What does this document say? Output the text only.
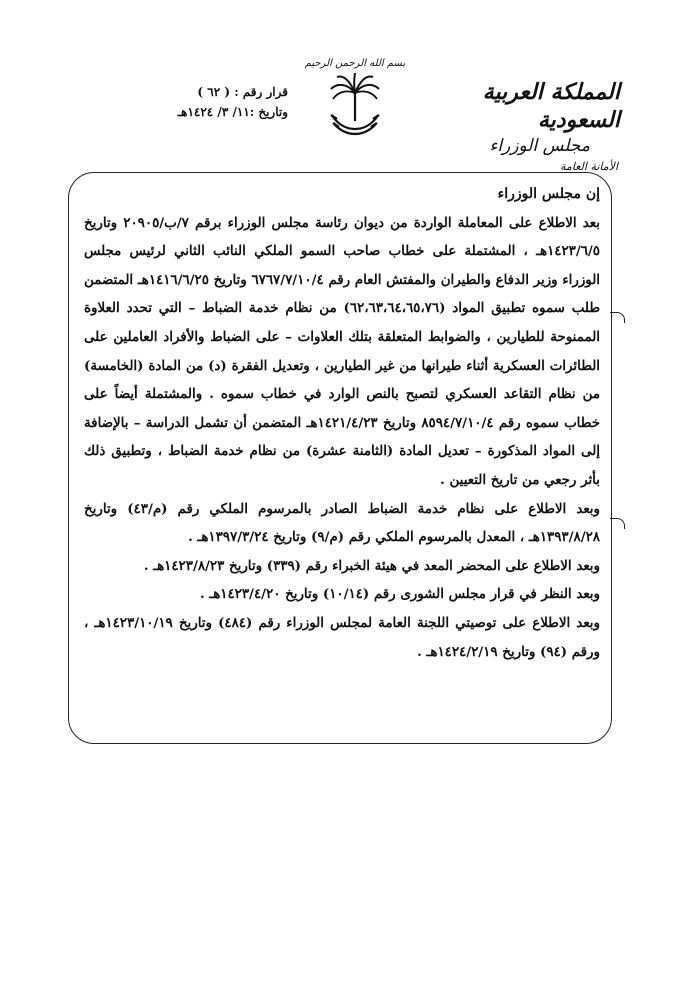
قرار رقم : ( ٦٢ )
وتاريخ :١١/ ٣/ ١٤٢٤هـ
بسم الله الرحمن الرحيم
المملكة العربية السعودية
مجلس الوزراء
الأمانة العامة

إن مجلس الوزراء

بعد الاطلاع على المعاملة الواردة من ديوان رئاسة مجلس الوزراء برقم ٧/ب/٢٠٩٠٥ وتاريخ ١٤٢٣/٦/٥هـ ، المشتملة على خطاب صاحب السمو الملكي النائب الثاني لرئيس مجلس الوزراء وزير الدفاع والطيران والمفتش العام رقم ٦٧٦٧/٧/١٠/٤ وتاريخ ١٤١٦/٦/٢٥هـ المتضمن طلب سموه تطبيق المواد (٦٢،٦٣،٦٤،٦٥،٧٦) من نظام خدمة الضباط – التي تحدد العلاوة الممنوحة للطيارين ، والضوابط المتعلقة بتلك العلاوات – على الضباط والأفراد العاملين على الطائرات العسكرية أثناء طيرانها من غير الطيارين ، وتعديل الفقرة (د) من المادة (الخامسة) من نظام التقاعد العسكري لتصبح بالنص الوارد في خطاب سموه . والمشتملة أيضاً على خطاب سموه رقم ٨٥٩٤/٧/١٠/٤ وتاريخ ١٤٢١/٤/٢٣هـ المتضمن أن تشمل الدراسة – بالإضافة إلى المواد المذكورة – تعديل المادة (الثامنة عشرة) من نظام خدمة الضباط ، وتطبيق ذلك بأثر رجعي من تاريخ التعيين .

وبعد الاطلاع على نظام خدمة الضباط الصادر بالمرسوم الملكي رقم (م/٤٣) وتاريخ ١٣٩٣/٨/٢٨هـ ، المعدل بالمرسوم الملكي رقم (م/٩) وتاريخ ١٣٩٧/٣/٢٤هـ .

وبعد الاطلاع على المحضر المعد في هيئة الخبراء رقم (٣٣٩) وتاريخ ١٤٢٣/٨/٢٣هـ .

وبعد النظر في قرار مجلس الشورى رقم (١٠/١٤) وتاريخ ١٤٢٣/٤/٢٠هـ .

وبعد الاطلاع على توصيتي اللجنة العامة لمجلس الوزراء رقم (٤٨٤) وتاريخ ١٤٢٣/١٠/١٩هـ ، ورقم (٩٤) وتاريخ ١٤٢٤/٢/١٩هـ .
